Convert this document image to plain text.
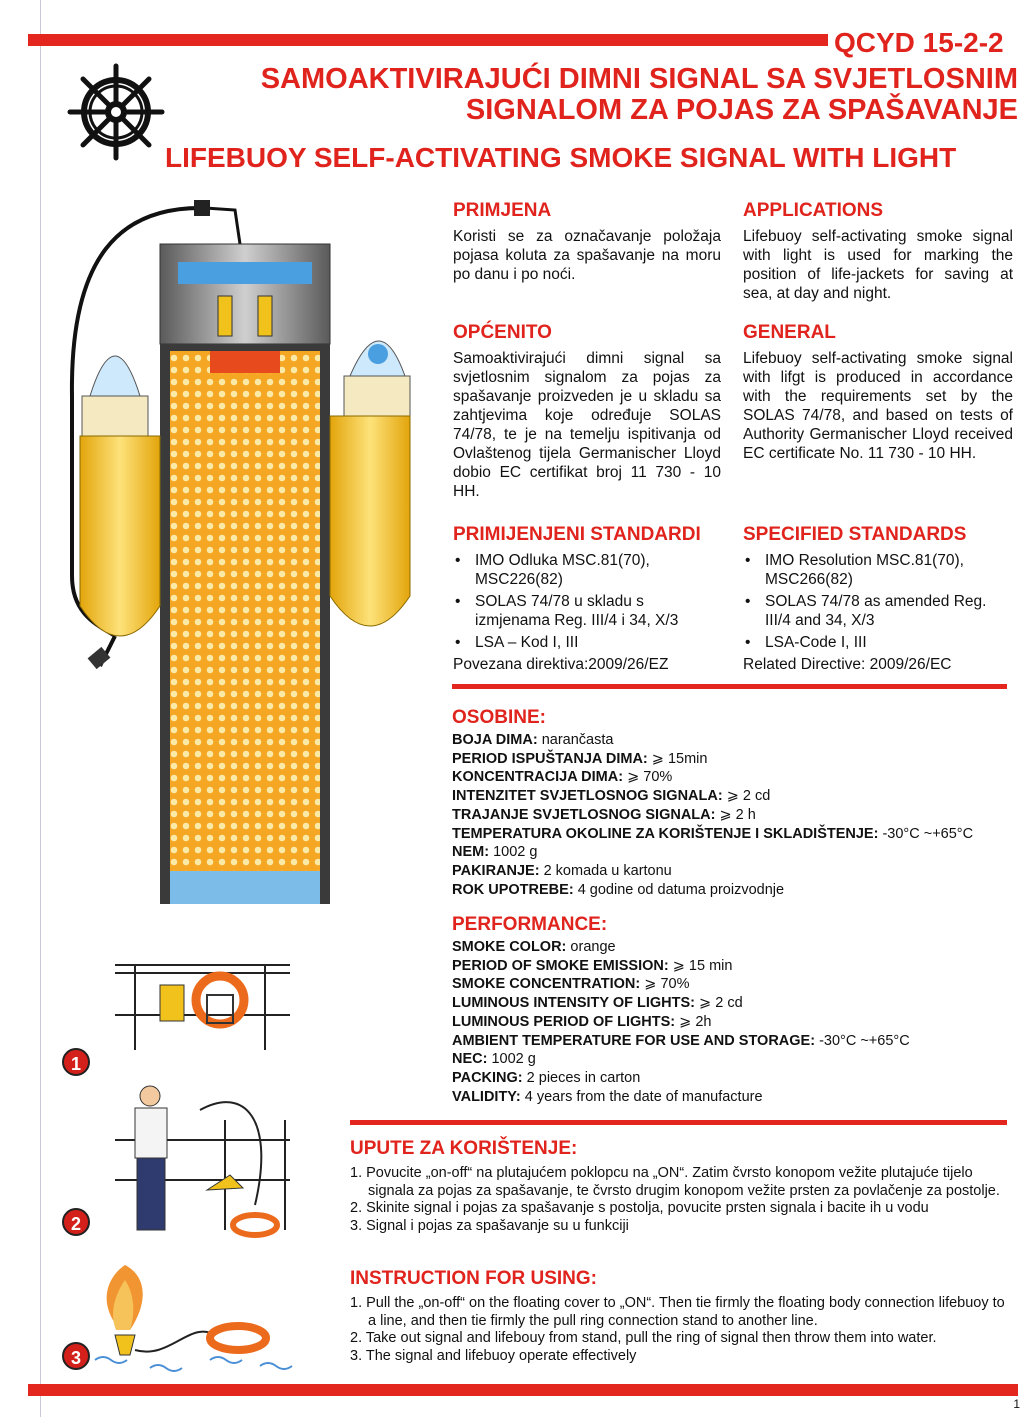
QCYD 15-2-2
SAMOAKTIVIRAJUĆI DIMNI SIGNAL SA SVJETLOSNIM
SIGNALOM ZA POJAS ZA SPAŠAVANJE
LIFEBUOY SELF-ACTIVATING SMOKE SIGNAL WITH LIGHT
PRIMJENA

Koristi se za označavanje položaja pojasa koluta za spašavanje na moru po danu i po noći.

APPLICATIONS

Lifebuoy self-activating smoke signal with light is used for marking the position of life-jackets for saving at sea, at day and night.

OPĆENITO

Samoaktivirajući dimni signal sa svjetlosnim signalom za pojas za spašavanje proizveden je u skladu sa zahtjevima koje određuje SOLAS 74/78, te je na temelju ispitivanja od Ovlaštenog tijela Germanischer Lloyd dobio EC certifikat broj 11 730 - 10 HH.

GENERAL

Lifebuoy self-activating smoke signal with lifgt is produced in accordance with the requirements set by the SOLAS 74/78, and based on tests of Authority Germanischer Lloyd received EC certificate No. 11 730 - 10 HH.

PRIMIJENJENI STANDARDI
• IMO Odluka MSC.81(70), MSC226(82)
• SOLAS 74/78 u skladu s izmjenama Reg. III/4 i 34, X/3
• LSA – Kod I, III

Povezana direktiva:2009/26/EZ

SPECIFIED STANDARDS
• IMO Resolution MSC.81(70), MSC266(82)
• SOLAS 74/78 as amended Reg. III/4 and 34, X/3
• LSA-Code I, III

Related Directive: 2009/26/EC

OSOBINE:
BOJA DIMA: narančasta
PERIOD ISPUŠTANJA DIMA: ⩾ 15min
KONCENTRACIJA DIMA: ⩾ 70%
INTENZITET SVJETLOSNOG SIGNALA: ⩾ 2 cd
TRAJANJE SVJETLOSNOG SIGNALA: ⩾ 2 h
TEMPERATURA OKOLINE ZA KORIŠTENJE I SKLADIŠTENJE: -30°C ~+65°C
NEM: 1002 g
PAKIRANJE: 2 komada u kartonu
ROK UPOTREBE: 4 godine od datuma proizvodnje
PERFORMANCE:
SMOKE COLOR: orange
PERIOD OF SMOKE EMISSION: ⩾ 15 min
SMOKE CONCENTRATION: ⩾ 70%
LUMINOUS INTENSITY OF LIGHTS: ⩾ 2 cd
LUMINOUS PERIOD OF LIGHTS: ⩾ 2h
AMBIENT TEMPERATURE FOR USE AND STORAGE: -30°C ~+65°C
NEC: 1002 g
PACKING: 2 pieces in carton
VALIDITY: 4 years from the date of manufacture
1
2
3
UPUTE ZA KORIŠTENJE:
1. Povucite „on-off“ na plutajućem poklopcu na „ON“. Zatim čvrsto konopom vežite plutajuće tijelo signala za pojas za spašavanje, te čvrsto drugim konopom vežite prsten za povlačenje za postolje.
2. Skinite signal i pojas za spašavanje s postolja, povucite prsten signala i bacite ih u vodu
3. Signal i pojas za spašavanje su u funkciji
INSTRUCTION FOR USING:
1. Pull the „on-off“ on the floating cover to „ON“. Then tie firmly the floating body connection lifebuoy to a line, and then tie firmly the pull ring connection stand to another line.
2. Take out signal and lifebouy from stand, pull the ring of signal then throw them into water.
3. The signal and lifebuoy operate effectively
1
